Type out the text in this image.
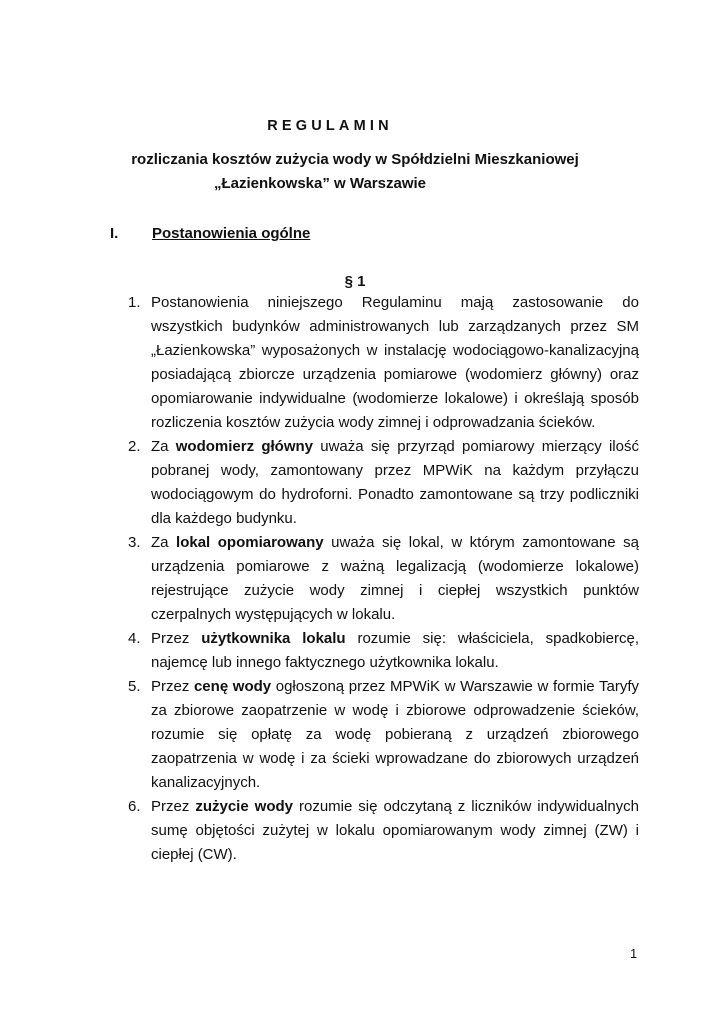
REGULAMIN
rozliczania kosztów zużycia wody w Spółdzielni Mieszkaniowej
„Łazienkowska” w Warszawie
I. Postanowienia ogólne
§ 1
1. Postanowienia niniejszego Regulaminu mają zastosowanie do wszystkich budynków administrowanych lub zarządzanych przez SM „Łazienkowska” wyposażonych w instalację wodociągowo-kanalizacyjną posiadającą zbiorcze urządzenia pomiarowe (wodomierz główny) oraz opomiarowanie indywidualne (wodomierze lokalowe) i określają sposób rozliczenia kosztów zużycia wody zimnej i odprowadzania ścieków.
2. Za wodomierz główny uważa się przyrząd pomiarowy mierzący ilość pobranej wody, zamontowany przez MPWiK na każdym przyłączu wodociągowym do hydroforni. Ponadto zamontowane są trzy podliczniki dla każdego budynku.
3. Za lokal opomiarowany uważa się lokal, w którym zamontowane są urządzenia pomiarowe z ważną legalizacją (wodomierze lokalowe) rejestrujące zużycie wody zimnej i ciepłej wszystkich punktów czerpalnych występujących w lokalu.
4. Przez użytkownika lokalu rozumie się: właściciela, spadkobiercę, najemcę lub innego faktycznego użytkownika lokalu.
5. Przez cenę wody ogłoszoną przez MPWiK w Warszawie w formie Taryfy za zbiorowe zaopatrzenie w wodę i zbiorowe odprowadzenie ścieków, rozumie się opłatę za wodę pobieraną z urządzeń zbiorowego zaopatrzenia w wodę i za ścieki wprowadzane do zbiorowych urządzeń kanalizacyjnych.
6. Przez zużycie wody rozumie się odczytaną z liczników indywidualnych sumę objętości zużytej w lokalu opomiarowanym wody zimnej (ZW) i ciepłej (CW).
1
